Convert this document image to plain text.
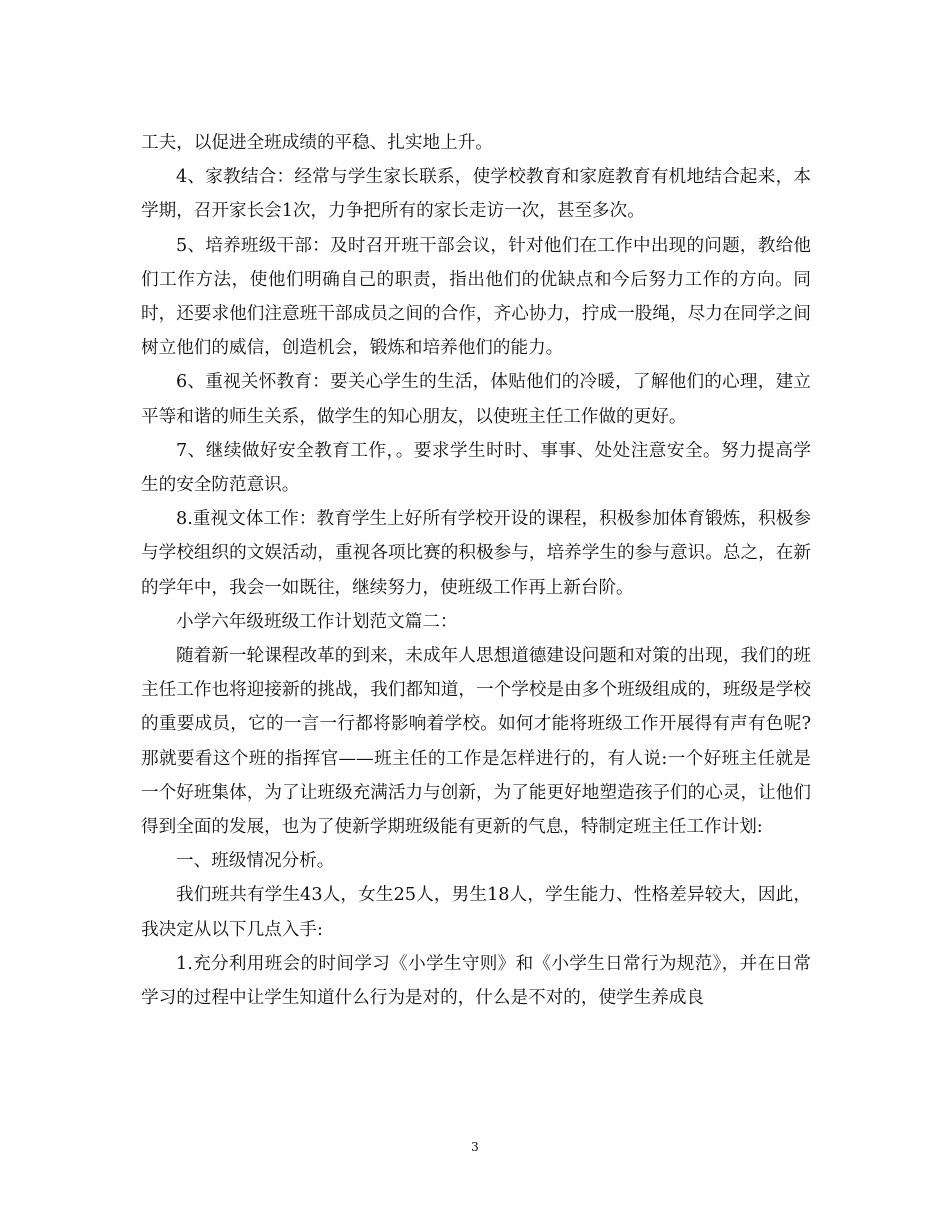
工夫，以促进全班成绩的平稳、扎实地上升。

4、家教结合：经常与学生家长联系，使学校教育和家庭教育有机地结合起来，本学期，召开家长会1次，力争把所有的家长走访一次，甚至多次。

5、培养班级干部：及时召开班干部会议，针对他们在工作中出现的问题，教给他们工作方法，使他们明确自己的职责，指出他们的优缺点和今后努力工作的方向。同时，还要求他们注意班干部成员之间的合作，齐心协力，拧成一股绳，尽力在同学之间树立他们的威信，创造机会，锻炼和培养他们的能力。

6、重视关怀教育：要关心学生的生活，体贴他们的冷暖，了解他们的心理，建立平等和谐的师生关系，做学生的知心朋友，以使班主任工作做的更好。

7、继续做好安全教育工作，。要求学生时时、事事、处处注意安全。努力提高学生的安全防范意识。

8.重视文体工作：教育学生上好所有学校开设的课程，积极参加体育锻炼，积极参与学校组织的文娱活动，重视各项比赛的积极参与，培养学生的参与意识。总之，在新的学年中，我会一如既往，继续努力，使班级工作再上新台阶。

小学六年级班级工作计划范文篇二：

随着新一轮课程改革的到来，未成年人思想道德建设问题和对策的出现，我们的班主任工作也将迎接新的挑战，我们都知道，一个学校是由多个班级组成的，班级是学校的重要成员，它的一言一行都将影响着学校。如何才能将班级工作开展得有声有色呢?那就要看这个班的指挥官——班主任的工作是怎样进行的，有人说:一个好班主任就是一个好班集体，为了让班级充满活力与创新，为了能更好地塑造孩子们的心灵，让他们得到全面的发展，也为了使新学期班级能有更新的气息，特制定班主任工作计划:

一、班级情况分析。

我们班共有学生43人，女生25人，男生18人，学生能力、性格差异较大，因此，我决定从以下几点入手:

1.充分利用班会的时间学习《小学生守则》和《小学生日常行为规范》，并在日常学习的过程中让学生知道什么行为是对的，什么是不对的，使学生养成良

3
